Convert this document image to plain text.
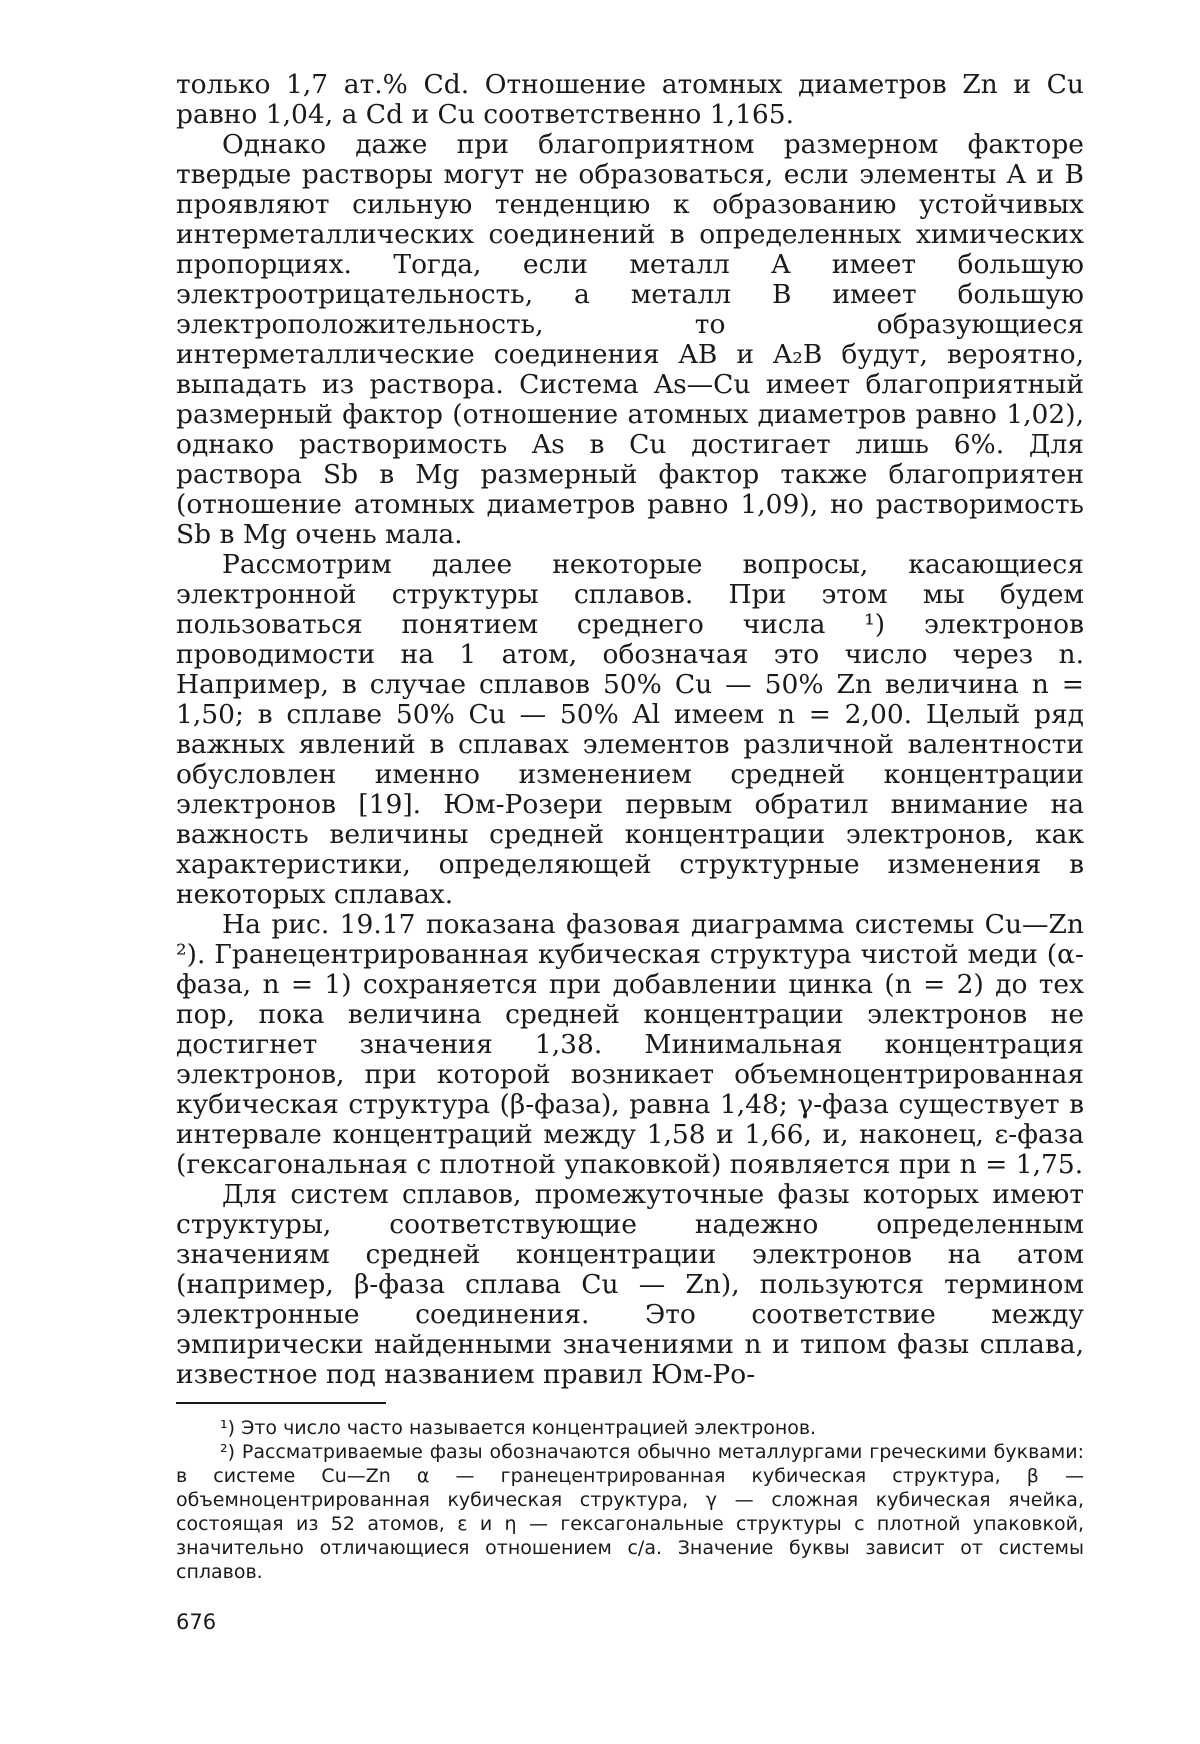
только 1,7 ат.% Cd. Отношение атомных диаметров Zn и Cu равно 1,04, а Cd и Cu соответственно 1,165.

Однако даже при благоприятном размерном факторе твердые растворы могут не образоваться, если элементы A и B проявляют сильную тенденцию к образованию устойчивых интерметаллических соединений в определенных химических пропорциях. Тогда, если металл A имеет большую электроотрицательность, а металл B имеет большую электроположительность, то образующиеся интерметаллические соединения AB и A₂B будут, вероятно, выпадать из раствора. Система As—Cu имеет благоприятный размерный фактор (отношение атомных диаметров равно 1,02), однако растворимость As в Cu достигает лишь 6%. Для раствора Sb в Mg размерный фактор также благоприятен (отношение атомных диаметров равно 1,09), но растворимость Sb в Mg очень мала.

Рассмотрим далее некоторые вопросы, касающиеся электронной структуры сплавов. При этом мы будем пользоваться понятием среднего числа ¹) электронов проводимости на 1 атом, обозначая это число через n. Например, в случае сплавов 50% Cu — 50% Zn величина n = 1,50; в сплаве 50% Cu — 50% Al имеем n = 2,00. Целый ряд важных явлений в сплавах элементов различной валентности обусловлен именно изменением средней концентрации электронов [19]. Юм-Розери первым обратил внимание на важность величины средней концентрации электронов, как характеристики, определяющей структурные изменения в некоторых сплавах.

На рис. 19.17 показана фазовая диаграмма системы Cu—Zn ²). Гранецентрированная кубическая структура чистой меди (α-фаза, n = 1) сохраняется при добавлении цинка (n = 2) до тех пор, пока величина средней концентрации электронов не достигнет значения 1,38. Минимальная концентрация электронов, при которой возникает объемноцентрированная кубическая структура (β-фаза), равна 1,48; γ-фаза существует в интервале концентраций между 1,58 и 1,66, и, наконец, ε-фаза (гексагональная с плотной упаковкой) появляется при n = 1,75.

Для систем сплавов, промежуточные фазы которых имеют структуры, соответствующие надежно определенным значениям средней концентрации электронов на атом (например, β-фаза сплава Cu — Zn), пользуются термином электронные соединения. Это соответствие между эмпирически найденными значениями n и типом фазы сплава, известное под названием правил Юм-Ро-

¹) Это число часто называется концентрацией электронов.

²) Рассматриваемые фазы обозначаются обычно металлургами греческими буквами: в системе Cu—Zn α — гранецентрированная кубическая структура, β — объемноцентрированная кубическая структура, γ — сложная кубическая ячейка, состоящая из 52 атомов, ε и η — гексагональные структуры с плотной упаковкой, значительно отличающиеся отношением c/a. Значение буквы зависит от системы сплавов.

676
